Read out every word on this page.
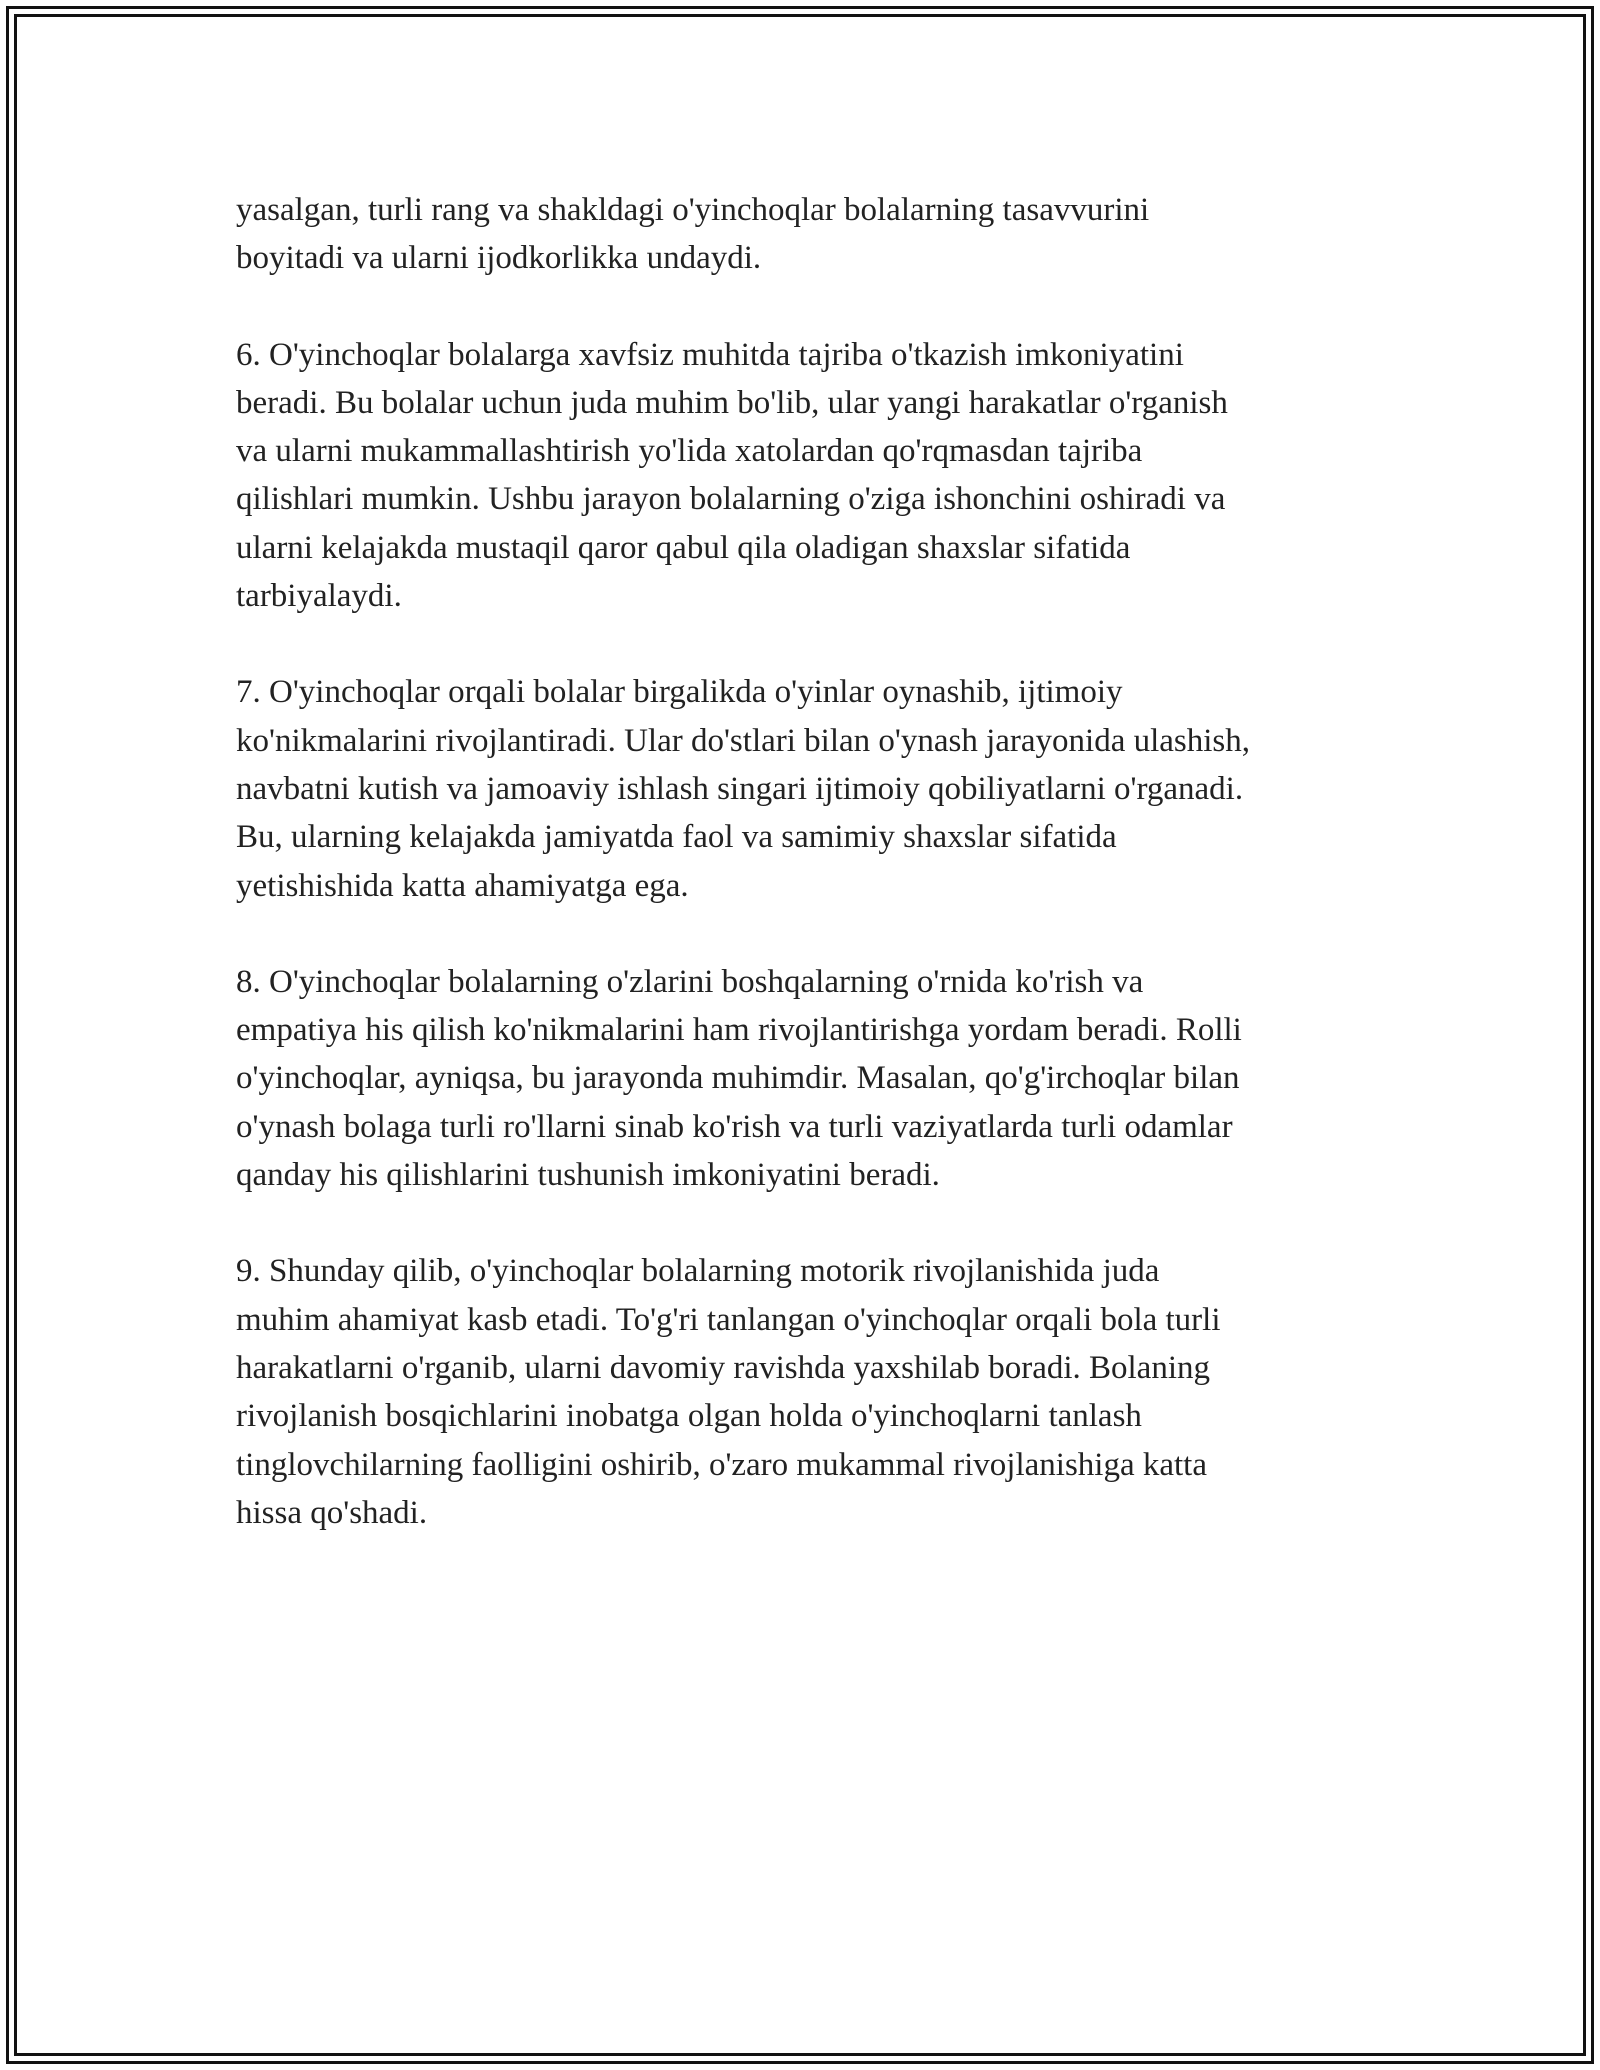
yasalgan, turli rang va shakldagi o'yinchoqlar bolalarning tasavvurini
boyitadi va ularni ijodkorlikka undaydi.

6. O'yinchoqlar bolalarga xavfsiz muhitda tajriba o'tkazish imkoniyatini
beradi. Bu bolalar uchun juda muhim bo'lib, ular yangi harakatlar o'rganish
va ularni mukammallashtirish yo'lida xatolardan qo'rqmasdan tajriba
qilishlari mumkin. Ushbu jarayon bolalarning o'ziga ishonchini oshiradi va
ularni kelajakda mustaqil qaror qabul qila oladigan shaxslar sifatida
tarbiyalaydi.

7. O'yinchoqlar orqali bolalar birgalikda o'yinlar oynashib, ijtimoiy
ko'nikmalarini rivojlantiradi. Ular do'stlari bilan o'ynash jarayonida ulashish,
navbatni kutish va jamoaviy ishlash singari ijtimoiy qobiliyatlarni o'rganadi.
Bu, ularning kelajakda jamiyatda faol va samimiy shaxslar sifatida
yetishishida katta ahamiyatga ega.

8. O'yinchoqlar bolalarning o'zlarini boshqalarning o'rnida ko'rish va
empatiya his qilish ko'nikmalarini ham rivojlantirishga yordam beradi. Rolli
o'yinchoqlar, ayniqsa, bu jarayonda muhimdir. Masalan, qo'g'irchoqlar bilan
o'ynash bolaga turli ro'llarni sinab ko'rish va turli vaziyatlarda turli odamlar
qanday his qilishlarini tushunish imkoniyatini beradi.

9. Shunday qilib, o'yinchoqlar bolalarning motorik rivojlanishida juda
muhim ahamiyat kasb etadi. To'g'ri tanlangan o'yinchoqlar orqali bola turli
harakatlarni o'rganib, ularni davomiy ravishda yaxshilab boradi. Bolaning
rivojlanish bosqichlarini inobatga olgan holda o'yinchoqlarni tanlash
tinglovchilarning faolligini oshirib, o'zaro mukammal rivojlanishiga katta
hissa qo'shadi.
